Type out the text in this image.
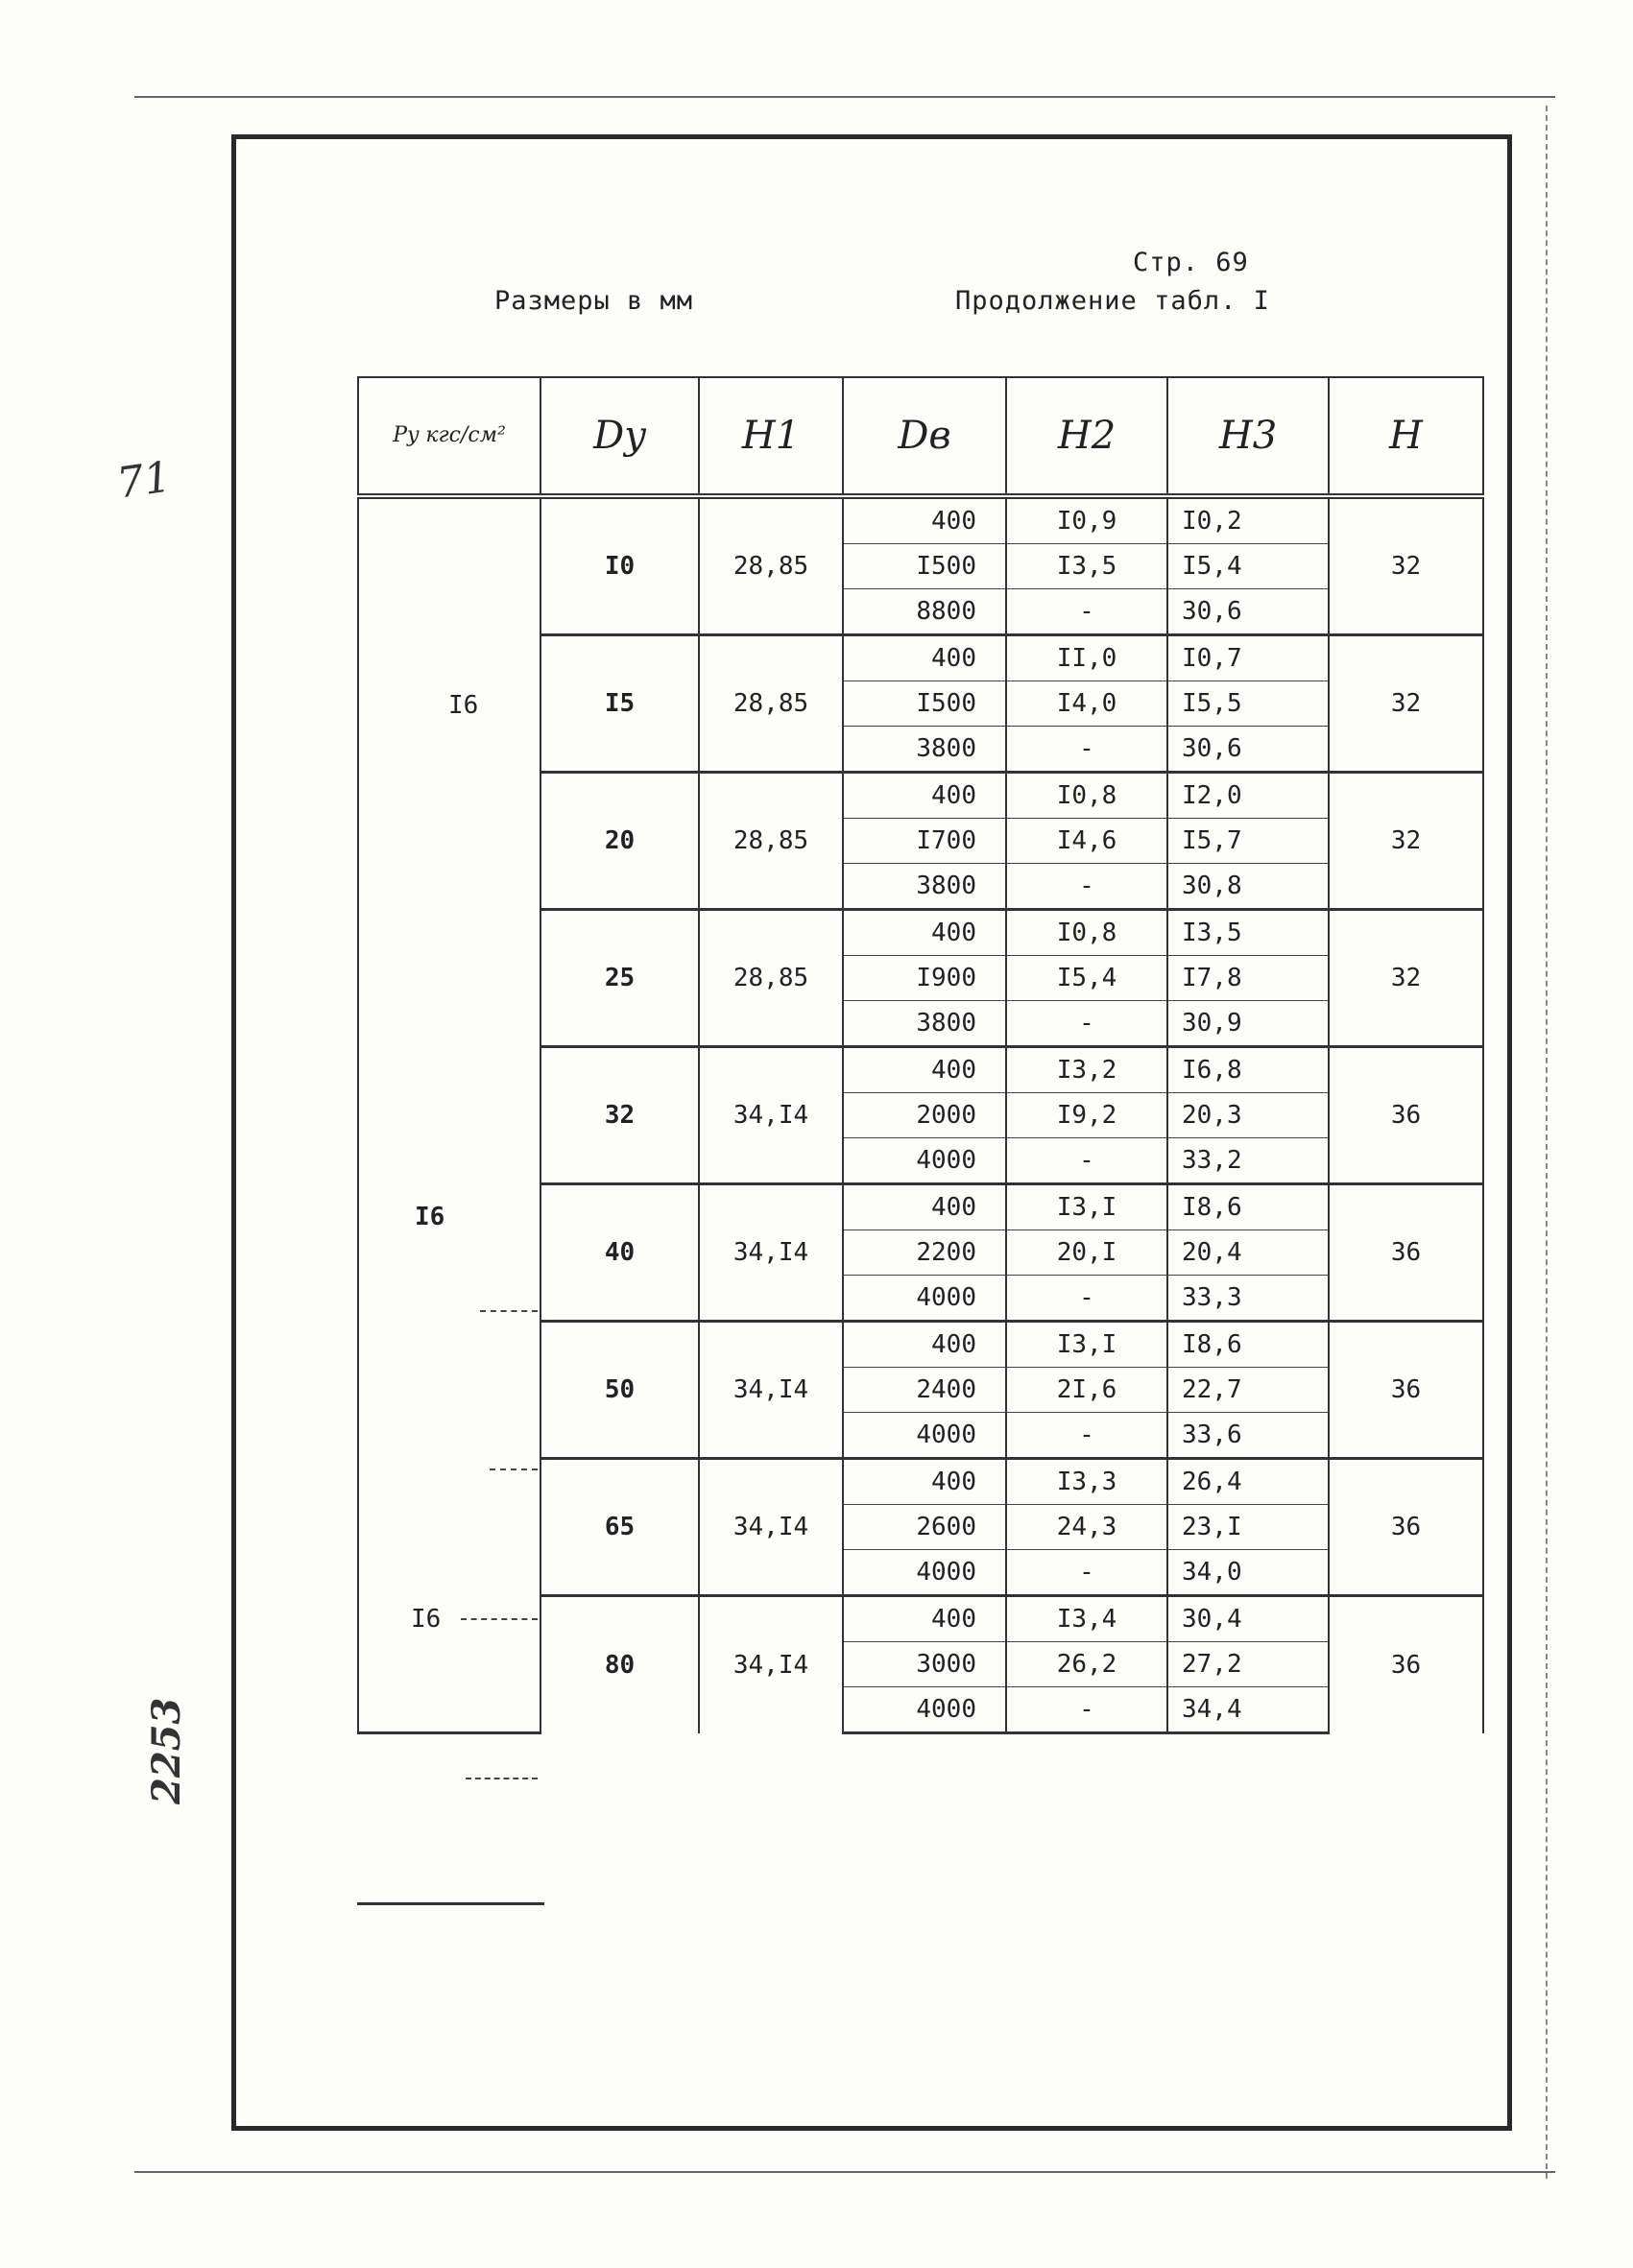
71
2253
Размеры в мм
Стр. 69
Продолжение табл. I
Py кгс/см²	Dy	H1	Dв	H2	H3	H
	I0	28,85	400	I0,9	I0,2	32
			I500	I3,5	I5,4	
			8800	-	30,6	
	I5	28,85	400	II,0	I0,7	32
			I500	I4,0	I5,5	
			3800	-	30,6	
	20	28,85	400	I0,8	I2,0	32
			I700	I4,6	I5,7	
			3800	-	30,8	
	25	28,85	400	I0,8	I3,5	32
			I900	I5,4	I7,8	
			3800	-	30,9	
	32	34,I4	400	I3,2	I6,8	36
			2000	I9,2	20,3	
			4000	-	33,2	
	40	34,I4	400	I3,I	I8,6	36
			2200	20,I	20,4	
			4000	-	33,3	
	50	34,I4	400	I3,I	I8,6	36
			2400	2I,6	22,7	
			4000	-	33,6	
	65	34,I4	400	I3,3	26,4	36
			2600	24,3	23,I	
			4000	-	34,0	
	80	34,I4	400	I3,4	30,4	36
			3000	26,2	27,2	
			4000	-	34,4	
I6
I6
I6
